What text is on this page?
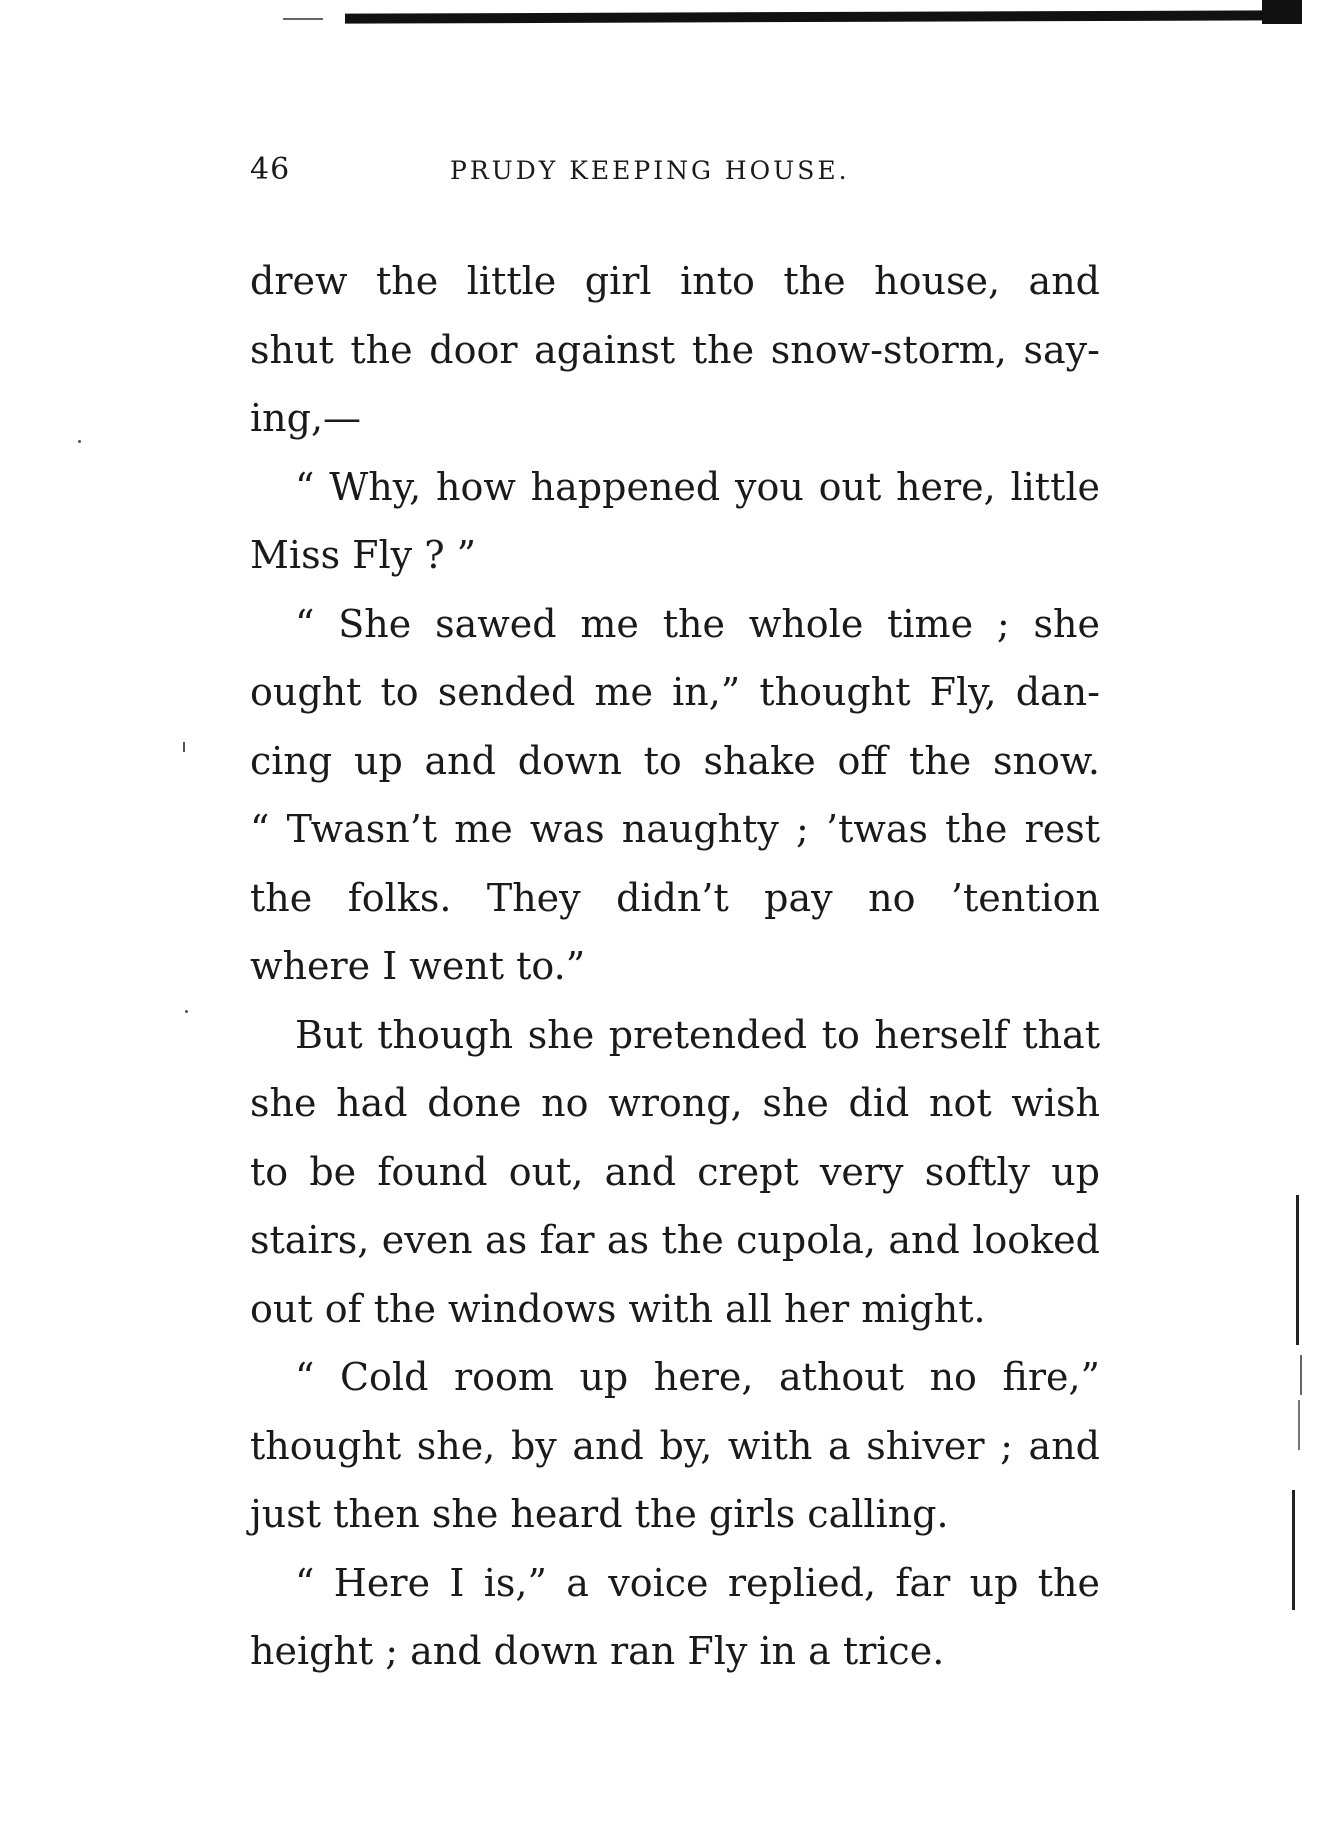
46	PRUDY KEEPING HOUSE.
drew the little girl into the house, and
shut the door against the snow-storm, say-
ing,—
“ Why, how happened you out here, little
Miss Fly ? ”
“ She sawed me the whole time ; she
ought to sended me in,” thought Fly, dan-
cing up and down to shake off the snow.
“ Twasn’t me was naughty ; ’twas the rest
the folks. They didn’t pay no ’tention
where I went to.”
But though she pretended to herself that
she had done no wrong, she did not wish
to be found out, and crept very softly up
stairs, even as far as the cupola, and looked
out of the windows with all her might.
“ Cold room up here, athout no fire,”
thought she, by and by, with a shiver ; and
just then she heard the girls calling.
“ Here I is,” a voice replied, far up the
height ; and down ran Fly in a trice.
